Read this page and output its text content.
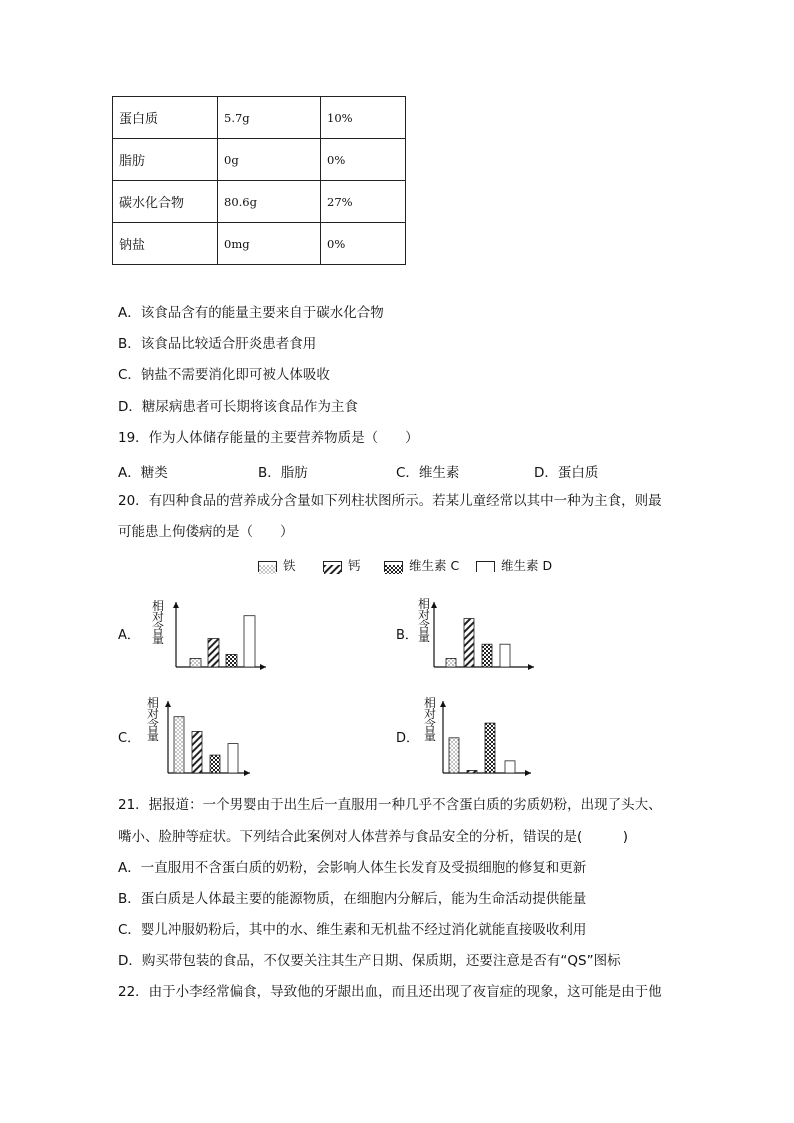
蛋白质	5.7g	10%
脂肪	0g	0%
碳水化合物	80.6g	27%
钠盐	0mg	0%
A．该食品含有的能量主要来自于碳水化合物
B．该食品比较适合肝炎患者食用
C．钠盐不需要消化即可被人体吸收
D．糖尿病患者可长期将该食品作为主食
19．作为人体储存能量的主要营养物质是（　　）
A．糖类	B．脂肪	C．维生素	D．蛋白质
20．有四种食品的营养成分含量如下列柱状图所示。若某儿童经常以其中一种为主食，则最
可能患上佝偻病的是（　　）
铁	钙	维生素 C	维生素 D
A．	B．
C．	D．
相
对
含
量
相
对
含
量
相
对
含
量
相
对
含
量
21．据报道：一个男婴由于出生后一直服用一种几乎不含蛋白质的劣质奶粉，出现了头大、
嘴小、脸肿等症状。下列结合此案例对人体营养与食品安全的分析，错误的是(　　　)
A．一直服用不含蛋白质的奶粉，会影响人体生长发育及受损细胞的修复和更新
B．蛋白质是人体最主要的能源物质，在细胞内分解后，能为生命活动提供能量
C．婴儿冲服奶粉后，其中的水、维生素和无机盐不经过消化就能直接吸收利用
D．购买带包装的食品，不仅要关注其生产日期、保质期，还要注意是否有“QS”图标
22．由于小李经常偏食，导致他的牙龈出血，而且还出现了夜盲症的现象，这可能是由于他
